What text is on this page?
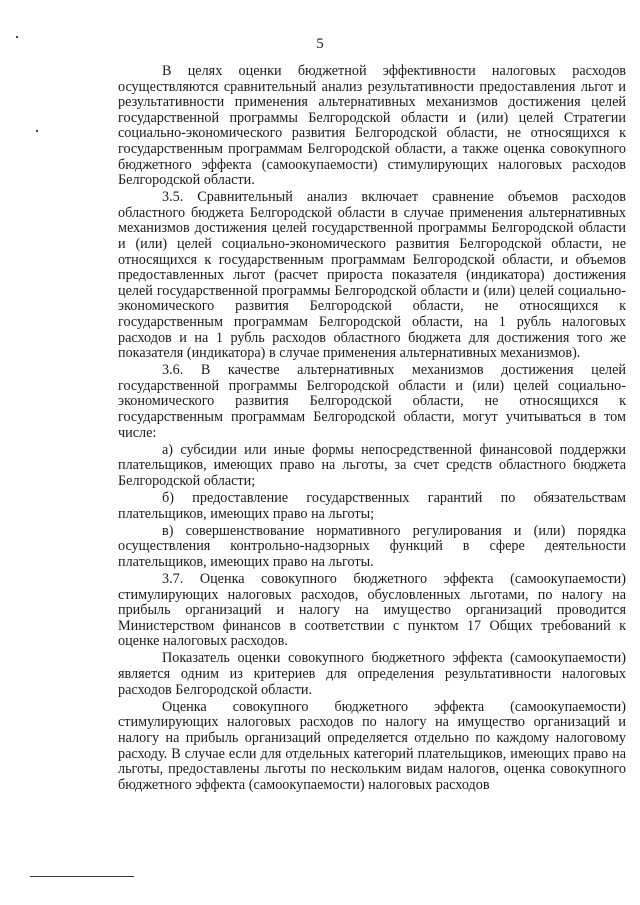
5

В целях оценки бюджетной эффективности налоговых расходов осуществляются сравнительный анализ результативности предоставления льгот и результативности применения альтернативных механизмов достижения целей государственной программы Белгородской области и (или) целей Стратегии социально-экономического развития Белгородской области, не относящихся к государственным программам Белгородской области, а также оценка совокупного бюджетного эффекта (самоокупаемости) стимулирующих налоговых расходов Белгородской области.

3.5. Сравнительный анализ включает сравнение объемов расходов областного бюджета Белгородской области в случае применения альтернативных механизмов достижения целей государственной программы Белгородской области и (или) целей социально-экономического развития Белгородской области, не относящихся к государственным программам Белгородской области, и объемов предоставленных льгот (расчет прироста показателя (индикатора) достижения целей государственной программы Белгородской области и (или) целей социально-экономического развития Белгородской области, не относящихся к государственным программам Белгородской области, на 1 рубль налоговых расходов и на 1 рубль расходов областного бюджета для достижения того же показателя (индикатора) в случае применения альтернативных механизмов).

3.6. В качестве альтернативных механизмов достижения целей государственной программы Белгородской области и (или) целей социально-экономического развития Белгородской области, не относящихся к государственным программам Белгородской области, могут учитываться в том числе:

а) субсидии или иные формы непосредственной финансовой поддержки плательщиков, имеющих право на льготы, за счет средств областного бюджета Белгородской области;

б) предоставление государственных гарантий по обязательствам плательщиков, имеющих право на льготы;

в) совершенствование нормативного регулирования и (или) порядка осуществления контрольно-надзорных функций в сфере деятельности плательщиков, имеющих право на льготы.

3.7. Оценка совокупного бюджетного эффекта (самоокупаемости) стимулирующих налоговых расходов, обусловленных льготами, по налогу на прибыль организаций и налогу на имущество организаций проводится Министерством финансов в соответствии с пунктом 17 Общих требований к оценке налоговых расходов.

Показатель оценки совокупного бюджетного эффекта (самоокупаемости) является одним из критериев для определения результативности налоговых расходов Белгородской области.

Оценка совокупного бюджетного эффекта (самоокупаемости) стимулирующих налоговых расходов по налогу на имущество организаций и налогу на прибыль организаций определяется отдельно по каждому налоговому расходу. В случае если для отдельных категорий плательщиков, имеющих право на льготы, предоставлены льготы по нескольким видам налогов, оценка совокупного бюджетного эффекта (самоокупаемости) налоговых расходов
